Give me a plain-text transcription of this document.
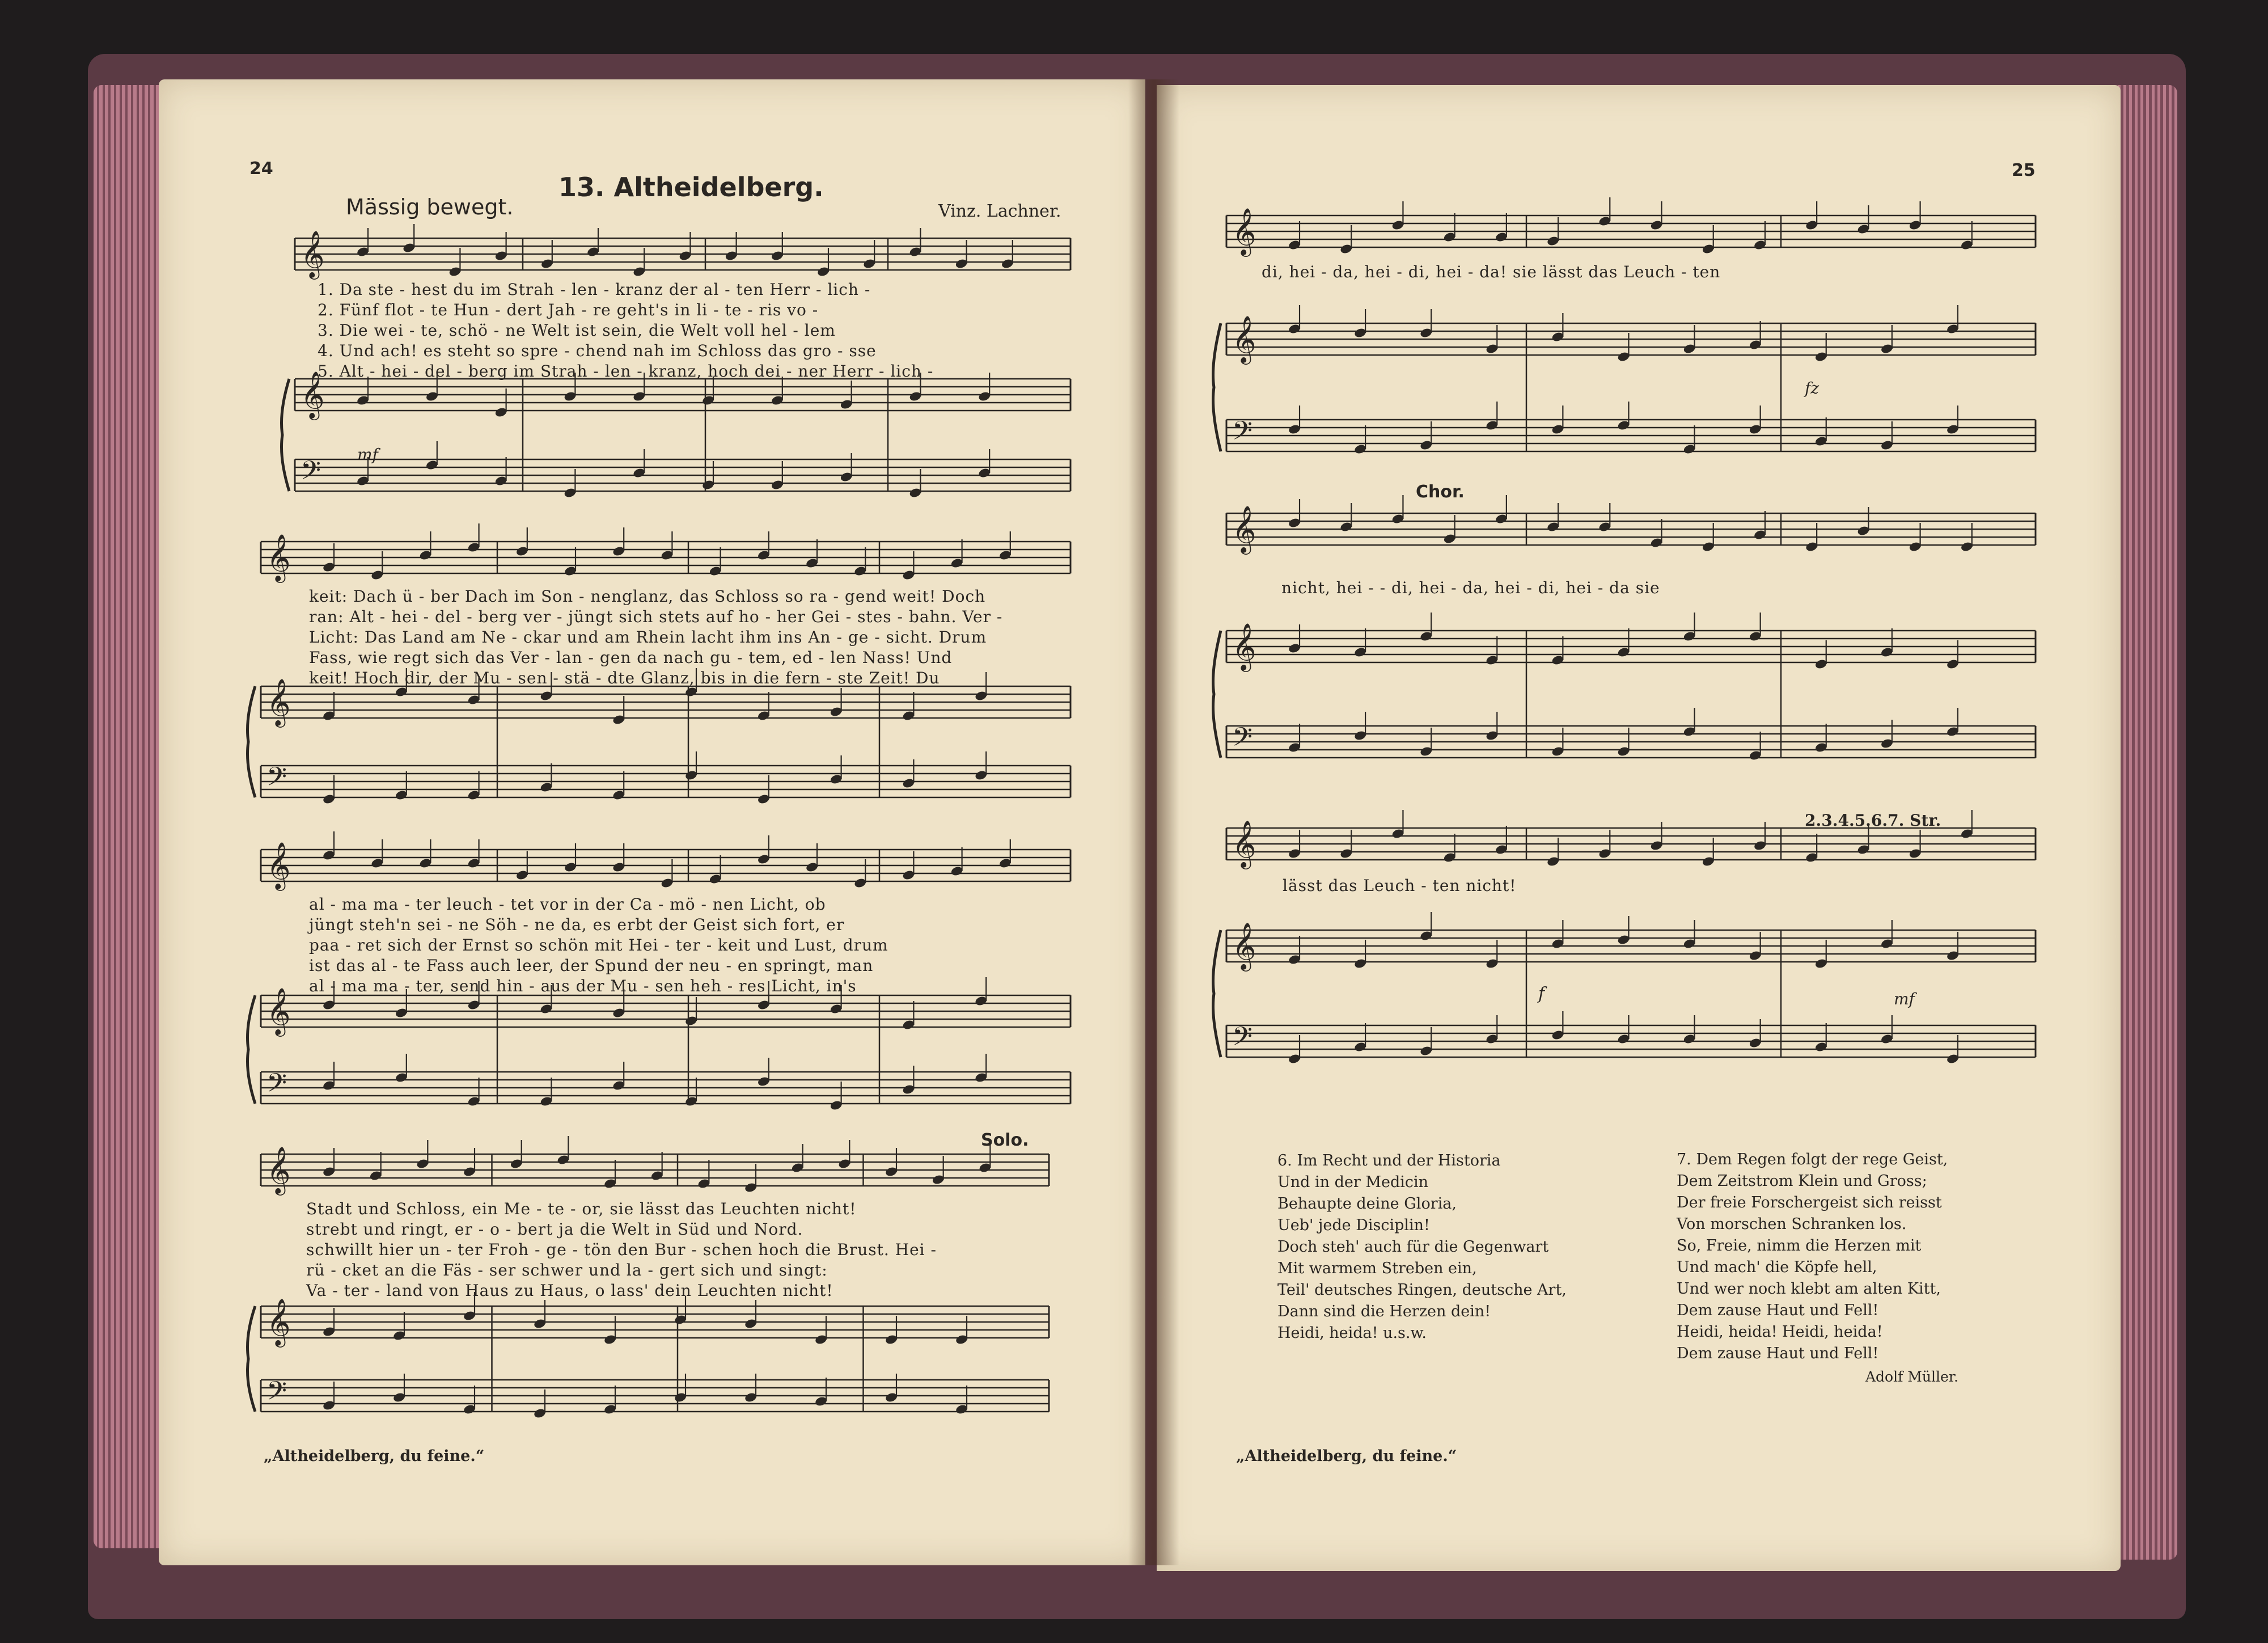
𝄞
𝄞
𝄢
𝄞
𝄞
𝄢
𝄞
𝄞
𝄢
𝄞
𝄞
𝄢
𝄞
𝄞
𝄢
𝄞
𝄞
𝄢
𝄞
𝄞
𝄢
24
13. Altheidelberg.
Mässig bewegt.	Vinz. Lachner.
1. Da ste - hest du im Strah - len - kranz der al - ten Herr - lich -
2. Fünf flot - te Hun - dert Jah - re geht's in li - te - ris vo -
3. Die wei - te, schö - ne Welt ist sein, die Welt voll hel - lem
4. Und ach! es steht so spre - chend nah im Schloss das gro - sse
5. Alt - hei - del - berg im Strah - len - kranz, hoch dei - ner Herr - lich -
mf
keit: Dach ü - ber Dach im Son - nenglanz, das Schloss so ra - gend weit! Doch
ran: Alt - hei - del - berg ver - jüngt sich stets auf ho - her Gei - stes - bahn. Ver -
Licht: Das Land am Ne - ckar und am Rhein lacht ihm ins An - ge - sicht. Drum
Fass, wie regt sich das Ver - lan - gen da nach gu - tem, ed - len Nass! Und
keit! Hoch dir, der Mu - sen - stä - dte Glanz, bis in die fern - ste Zeit! Du
al - ma ma - ter leuch - tet vor in der Ca - mö - nen Licht, ob
jüngt steh'n sei - ne Söh - ne da, es erbt der Geist sich fort, er
paa - ret sich der Ernst so schön mit Hei - ter - keit und Lust, drum
ist das al - te Fass auch leer, der Spund der neu - en springt, man
al - ma ma - ter, send hin - aus der Mu - sen heh - res Licht, in's
Solo.
Stadt und Schloss, ein Me - te - or, sie lässt das Leuchten nicht!
strebt und ringt, er - o - bert ja die Welt in Süd und Nord.
schwillt hier un - ter Froh - ge - tön den Bur - schen hoch die Brust. Hei -
rü - cket an die Fäs - ser schwer und la - gert sich und singt:
Va - ter - land von Haus zu Haus, o lass' dein Leuchten nicht!
„Altheidelberg, du feine.“
25
di, hei - da, hei - di, hei - da! sie lässt das Leuch - ten
fz
Chor.
nicht, hei - - di, hei - da, hei - di, hei - da sie
2.3.4.5.6.7. Str.
lässt das Leuch - ten nicht!
f	mf
6. Im Recht und der Historia
Und in der Medicin
Behaupte deine Gloria,
Ueb' jede Disciplin!
Doch steh' auch für die Gegenwart
Mit warmem Streben ein,
Teil' deutsches Ringen, deutsche Art,
Dann sind die Herzen dein!
Heidi, heida! u.s.w.
7. Dem Regen folgt der rege Geist,
Dem Zeitstrom Klein und Gross;
Der freie Forschergeist sich reisst
Von morschen Schranken los.
So, Freie, nimm die Herzen mit
Und mach' die Köpfe hell,
Und wer noch klebt am alten Kitt,
Dem zause Haut und Fell!
Heidi, heida! Heidi, heida!
Dem zause Haut und Fell!
Adolf Müller.
„Altheidelberg, du feine.“
